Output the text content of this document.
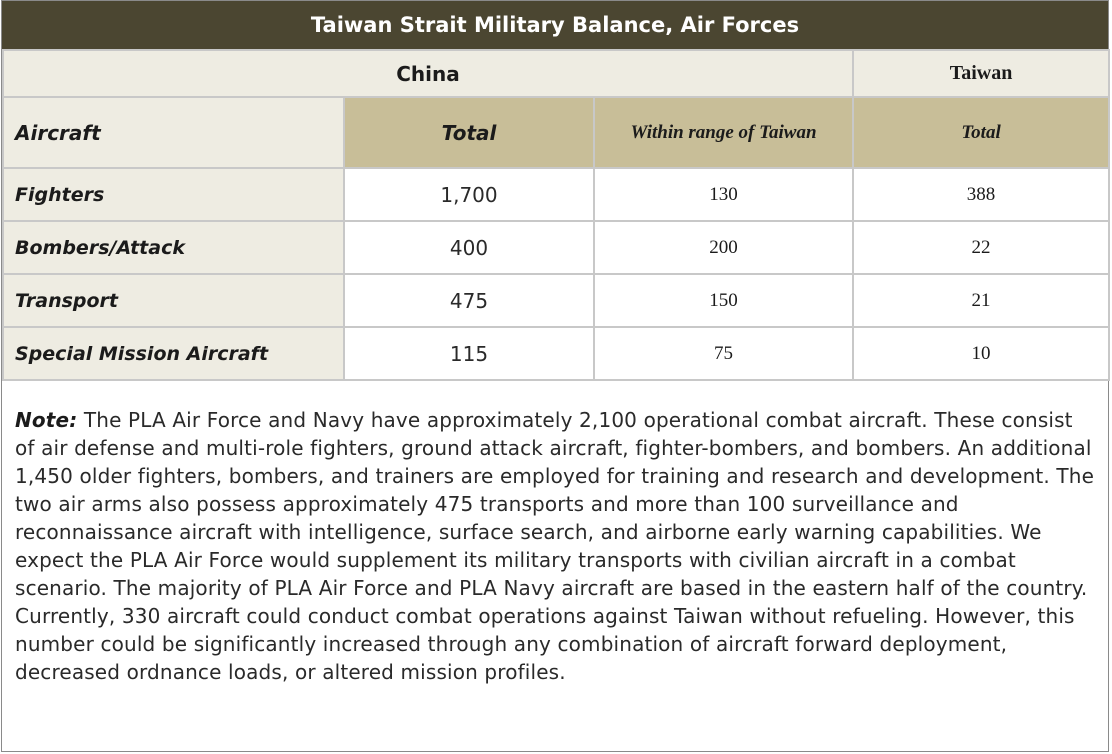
Taiwan Strait Military Balance, Air Forces
China			Taiwan
Aircraft	Total	Within range of Taiwan	Total
Fighters	1,700	130	388
Bombers/Attack	400	200	22
Transport	475	150	21
Special Mission Aircraft	115	75	10
Note: The PLA Air Force and Navy have approximately 2,100 operational combat aircraft. These consist of air defense and multi-role fighters, ground attack aircraft, fighter-bombers, and bombers. An additional 1,450 older fighters, bombers, and trainers are employed for training and research and development. The two air arms also possess approximately 475 transports and more than 100 surveillance and reconnaissance aircraft with intelligence, surface search, and airborne early warning capabilities. We expect the PLA Air Force would supplement its military transports with civilian aircraft in a combat scenario. The majority of PLA Air Force and PLA Navy aircraft are based in the eastern half of the country. Currently, 330 aircraft could conduct combat operations against Taiwan without refueling. However, this number could be significantly increased through any combination of aircraft forward deployment, decreased ordnance loads, or altered mission profiles.
